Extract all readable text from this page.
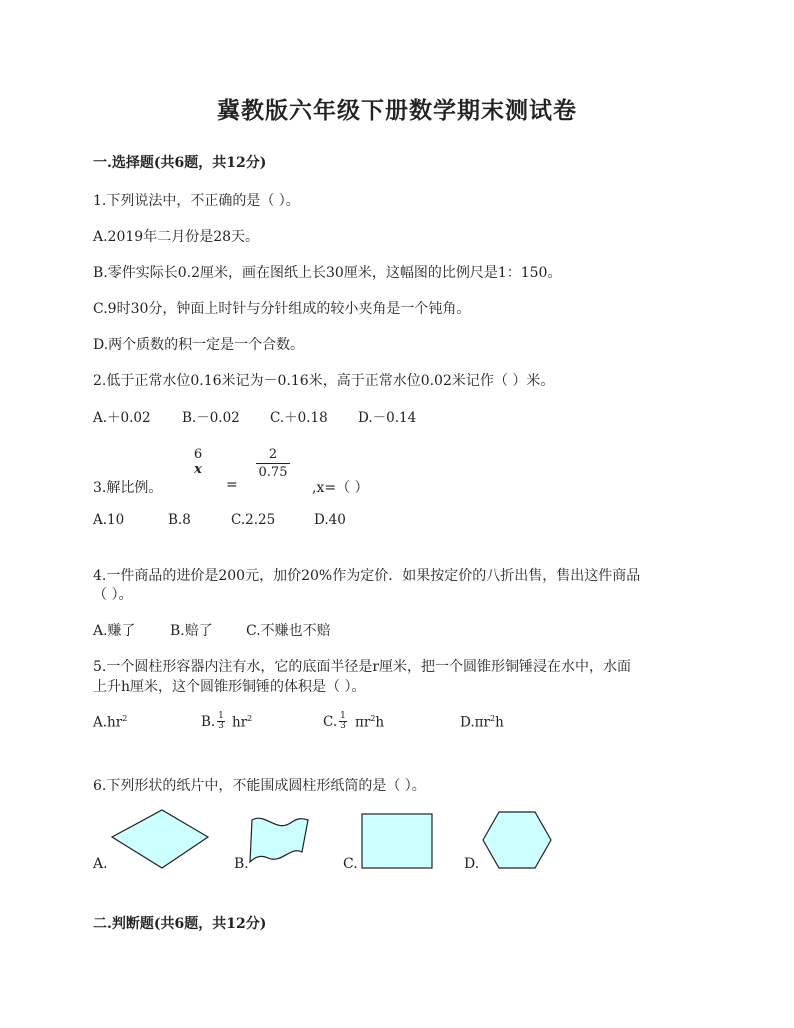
冀教版六年级下册数学期末测试卷
一.选择题(共6题，共12分)
1.下列说法中，不正确的是（ ）。
A.2019年二月份是28天。
B.零件实际长0.2厘米，画在图纸上长30厘米，这幅图的比例尺是1：150。
C.9时30分，钟面上时针与分针组成的较小夹角是一个钝角。
D.两个质数的积一定是一个合数。
2.低于正常水位0.16米记为－0.16米，高于正常水位0.02米记作（ ）米。
A.＋0.02 B.－0.02 C.＋0.18 D.－0.14
3.解比例。
6
x
=
2
0.75
,x=（ ）
A.10	B.8	C.2.25	D.40
4.一件商品的进价是200元，加价20%作为定价．如果按定价的八折出售，售出这件商品
（ ）。
A.赚了 B.赔了 C.不赚也不赔
5.一个圆柱形容器内注有水，它的底面半径是r厘米，把一个圆锥形铜锤浸在水中，水面
上升h厘米，这个圆锥形铜锤的体积是（ ）。
$A.hr^2$	B. 1
3 $hr^2$	C. 1
3 $\pi r^2h$	$D.\pi r^2h$
6.下列形状的纸片中，不能围成圆柱形纸筒的是（ ）。
A.	B.	C.	D.
二.判断题(共6题，共12分)
